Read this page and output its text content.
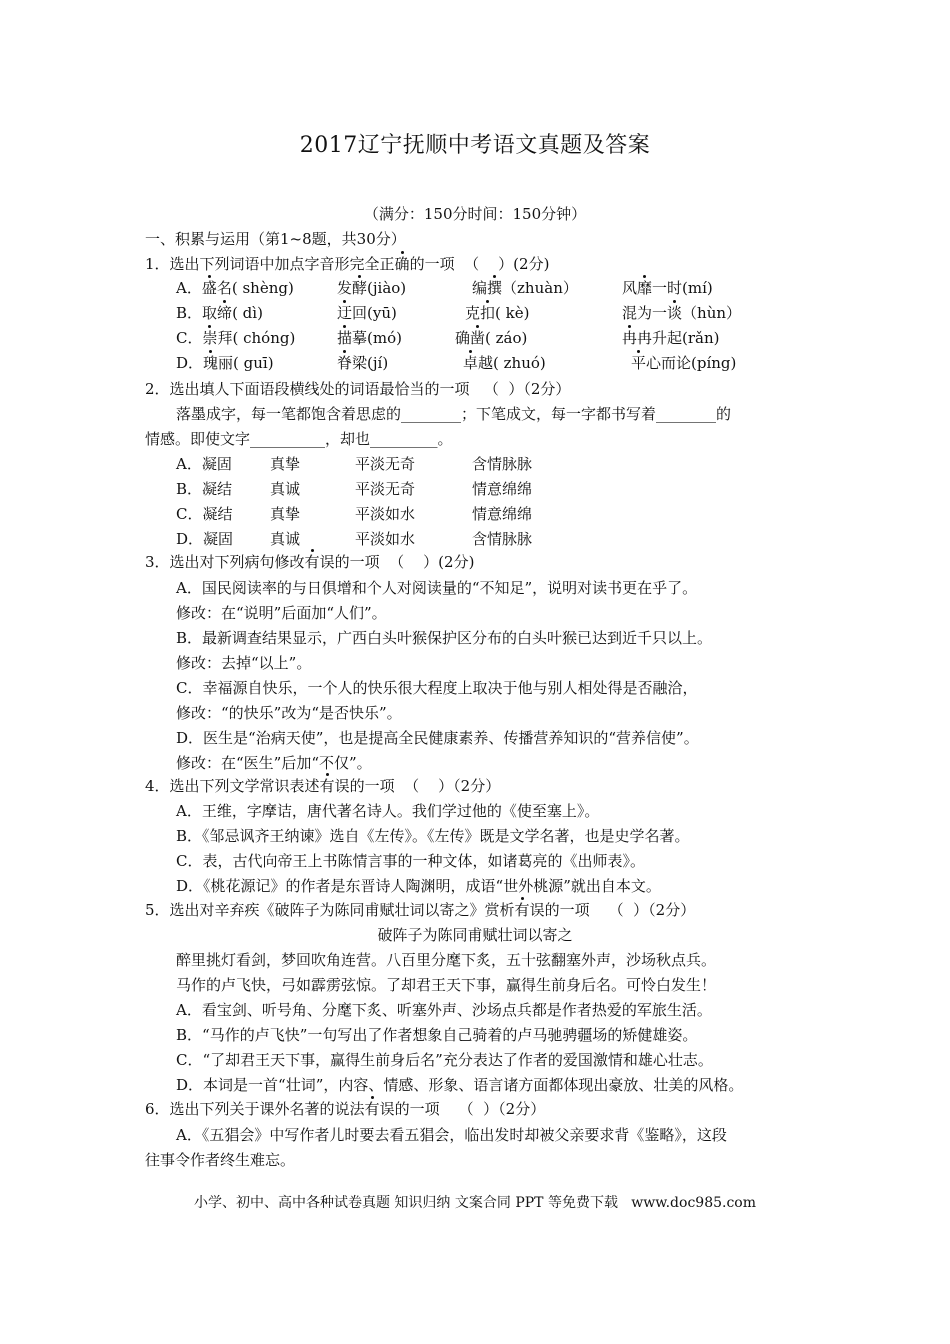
2017辽宁抚顺中考语文真题及答案
（满分：150分时间：150分钟）
一、积累与运用（第1~8题，共30分）
1．选出下列词语中加点字音形完全正确的一项  （    ）(2分)
A．盛名( shèng)	发酵(jiào)	编撰（zhuàn）	风靡一时(mí)
B．取缔( dì)	迂回(yū)	克扣( kè)	混为一谈（hùn）
C．崇拜( chóng)	描摹(mó)	确凿( záo)	冉冉升起(rǎn)
D．瑰丽( guī)	脊梁(jí)	卓越( zhuó)	平心而论(píng)
2．选出填人下面语段横线处的词语最恰当的一项   （  ）（2分）
落墨成字，每一笔都饱含着思虑的________；下笔成文，每一字都书写着________的
情感。即使文字__________，却也_________。
A．凝固	真挚	平淡无奇	含情脉脉
B．凝结	真诚	平淡无奇	情意绵绵
C．凝结	真挚	平淡如水	情意绵绵
D．凝固 真诚	平淡如水	含情脉脉
3．选出对下列病句修改有误的一项  （    ）(2分)
A．国民阅读率的与日俱增和个人对阅读量的“不知足”，说明对读书更在乎了。
修改：在“说明”后面加“人们”。
B．最新调查结果显示，广西白头叶猴保护区分布的白头叶猴已达到近千只以上。
修改：去掉“以上”。
C．幸福源自快乐，一个人的快乐很大程度上取决于他与别人相处得是否融洽，
修改：“的快乐”改为“是否快乐”。
D．医生是“治病天使”，也是提高全民健康素养、传播营养知识的“营养信使”。
修改：在“医生”后加“不仅”。
4．选出下列文学常识表述有误的一项  （    ）（2分）
A．王维，字摩诘，唐代著名诗人。我们学过他的《使至塞上》。
B．《邹忌讽齐王纳谏》选自《左传》。《左传》既是文学名著，也是史学名著。
C．表，古代向帝王上书陈情言事的一种文体，如诸葛亮的《出师表》。
D．《桃花源记》的作者是东晋诗人陶渊明，成语“世外桃源”就出自本文。
5．选出对辛弃疾《破阵子为陈同甫赋壮词以寄之》赏析有误的一项    （  ）（2分）
破阵子为陈同甫赋壮词以寄之
醉里挑灯看剑，梦回吹角连营。八百里分麾下炙，五十弦翻塞外声，沙场秋点兵。
马作的卢飞快，弓如霹雳弦惊。了却君王天下事，赢得生前身后名。可怜白发生！
A．看宝剑、听号角、分麾下炙、听塞外声、沙场点兵都是作者热爱的军旅生活。
B．“马作的卢飞快”一句写出了作者想象自己骑着的卢马驰骋疆场的矫健雄姿。
C．“了却君王天下事，赢得生前身后名”充分表达了作者的爱国激情和雄心壮志。
D．本词是一首“壮词”，内容、情感、形象、语言诸方面都体现出豪放、壮美的风格。
6．选出下列关于课外名著的说法有误的一项    （  ）（2分）
A．《五猖会》中写作者儿时要去看五猖会，临出发时却被父亲要求背《鉴略》，这段
往事令作者终生难忘。
小学、初中、高中各种试卷真题 知识归纳 文案合同 PPT 等免费下载   www.doc985.com
